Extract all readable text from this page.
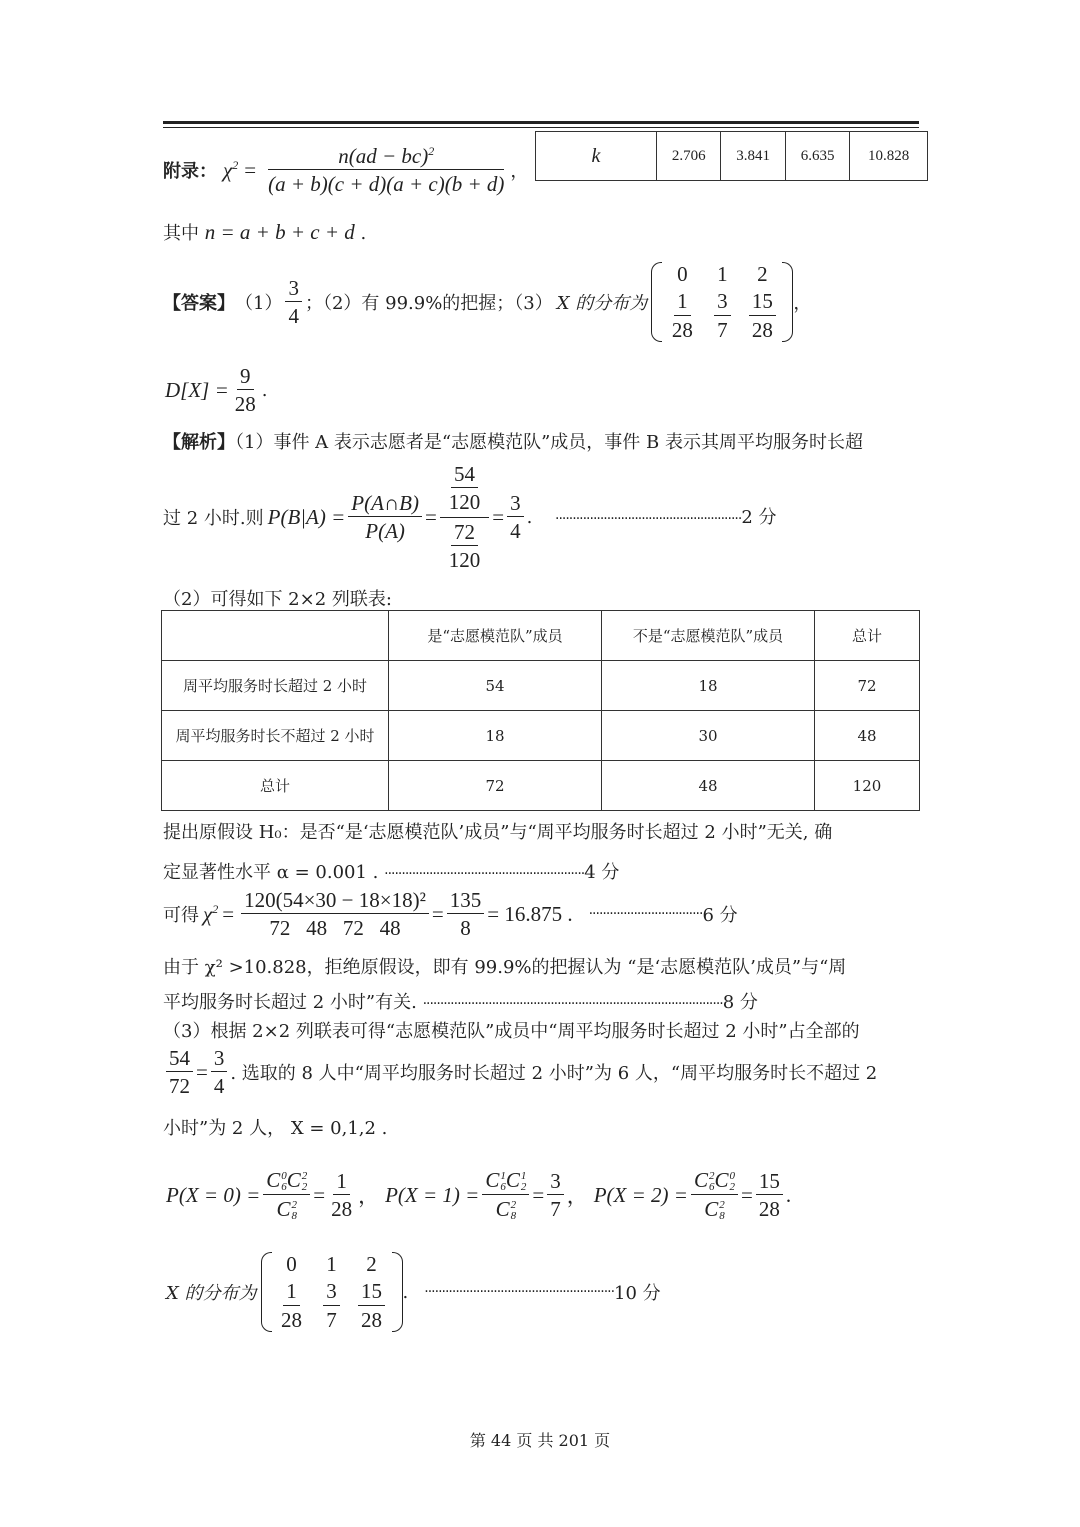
附录： $\chi^2 = \frac{n(ad - bc)^2}{(a + b)(c + d)(a + c)(b + d)}$ ，
k	2.706	3.841	6.635	10.828
其中 n = a + b + c + d .
【答案】 $(1) \frac{3}{4}$ ；（2）有 99.9%的把握；（3） X 的分布为
0 1 2
$\frac{1}{28} \frac{3}{7} \frac{15}{28}$ ，
$D[X] = \frac{9}{28}$ .
【解析】（1）事件 A 表示志愿者是“志愿模范队”成员，事件 B 表示其周平均服务时长超
过 2 小时.则 $P(B|A) = \frac{P(A\cap B)}{P(A)} = \frac{\frac{54}{120}}{\frac{72}{120}} = \frac{3}{4}$ . ······················································2 分
（2）可得如下 2×2 列联表:
	是“志愿模范队”成员	不是“志愿模范队”成员	总计
周平均服务时长超过 2 小时	54	18	72
周平均服务时长不超过 2 小时	18	30	48
总计	72	48	120
提出原假设 H₀：是否“是‘志愿模范队’成员”与“周平均服务时长超过 2 小时”无关, 确
定显著性水平 α = 0.001 . ··························································4 分
可得 $\chi^2 = \frac{\text{120(54×30 − 18×18)²}}{72 48 72 48} = \frac{135}{8} = 16.875$ . ································· 6 分
由于 χ² >10.828，拒绝原假设，即有 99.9%的把握认为 “是‘志愿模范队’成员”与“周
平均服务时长超过 2 小时”有关. ·······················································································8 分
（3）根据 2×2 列联表可得“志愿模范队”成员中“周平均服务时长超过 2 小时”占全部的
$\frac{54}{72} = \frac{3}{4}$ . 选取的 8 人中“周平均服务时长超过 2 小时”为 6 人，“周平均服务时长不超过 2
小时”为 2 人， X = 0,1,2 .
P(X = 0) = C 0
6 C 2
2
C 2
$8 = \frac{1}{28}$ ， P(X = 1) = C 1
6 C 1
2
C 2
$8 = \frac{3}{7}$ ， P(X = 2) = C 2
6 C 0
2
C 2
$8 = \frac{15}{28}$ .
X 的分布为
0 1 2
$\frac{1}{28} \frac{3}{7} \frac{15}{28}$ . ······················································· 10 分
第 44 页 共 201 页
